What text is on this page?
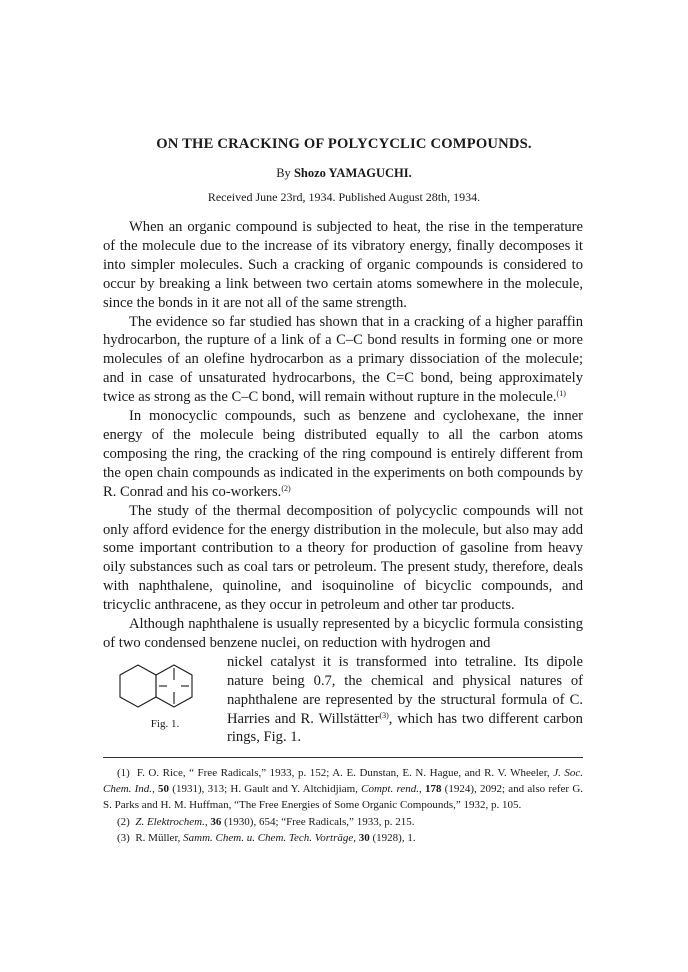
ON THE CRACKING OF POLYCYCLIC COMPOUNDS.
By Shozo YAMAGUCHI.
Received June 23rd, 1934. Published August 28th, 1934.

When an organic compound is subjected to heat, the rise in the temperature of the molecule due to the increase of its vibratory energy, finally decomposes it into simpler molecules. Such a cracking of organic compounds is considered to occur by breaking a link between two certain atoms somewhere in the molecule, since the bonds in it are not all of the same strength.

The evidence so far studied has shown that in a cracking of a higher paraffin hydrocarbon, the rupture of a link of a C–C bond results in forming one or more molecules of an olefine hydrocarbon as a primary dissociation of the molecule; and in case of unsaturated hydrocarbons, the C=C bond, being approximately twice as strong as the C–C bond, will remain without rupture in the molecule.$^{(1)}$

In monocyclic compounds, such as benzene and cyclohexane, the inner energy of the molecule being distributed equally to all the carbon atoms composing the ring, the cracking of the ring compound is entirely different from the open chain compounds as indicated in the experiments on both compounds by R. Conrad and his co-workers.$^{(2)}$

The study of the thermal decomposition of polycyclic compounds will not only afford evidence for the energy distribution in the molecule, but also may add some important contribution to a theory for production of gasoline from heavy oily substances such as coal tars or petroleum. The present study, therefore, deals with naphthalene, quinoline, and isoquinoline of bicyclic compounds, and tricyclic anthracene, as they occur in petroleum and other tar products.

Although naphthalene is usually represented by a bicyclic formula consisting of two condensed benzene nuclei, on reduction with hydrogen and

Fig. 1.
nickel catalyst it is transformed into tetraline. Its dipole nature being 0.7, the chemical and physical natures of naphthalene are represented by the structural formula of C. Harries and R. Willstätter$^{(3)}$, which has two different carbon rings, Fig. 1.

(1) F. O. Rice, “ Free Radicals,” 1933, p. 152; A. E. Dunstan, E. N. Hague, and R. V. Wheeler, J. Soc. Chem. Ind., 50 (1931), 313; H. Gault and Y. Altchidjiam, Compt. rend., 178 (1924), 2092; and also refer G. S. Parks and H. M. Huffman, “The Free Energies of Some Organic Compounds,” 1932, p. 105.

(2) Z. Elektrochem., 36 (1930), 654; “Free Radicals,” 1933, p. 215.

(3) R. Müller, Samm. Chem. u. Chem. Tech. Vorträge, 30 (1928), 1.
